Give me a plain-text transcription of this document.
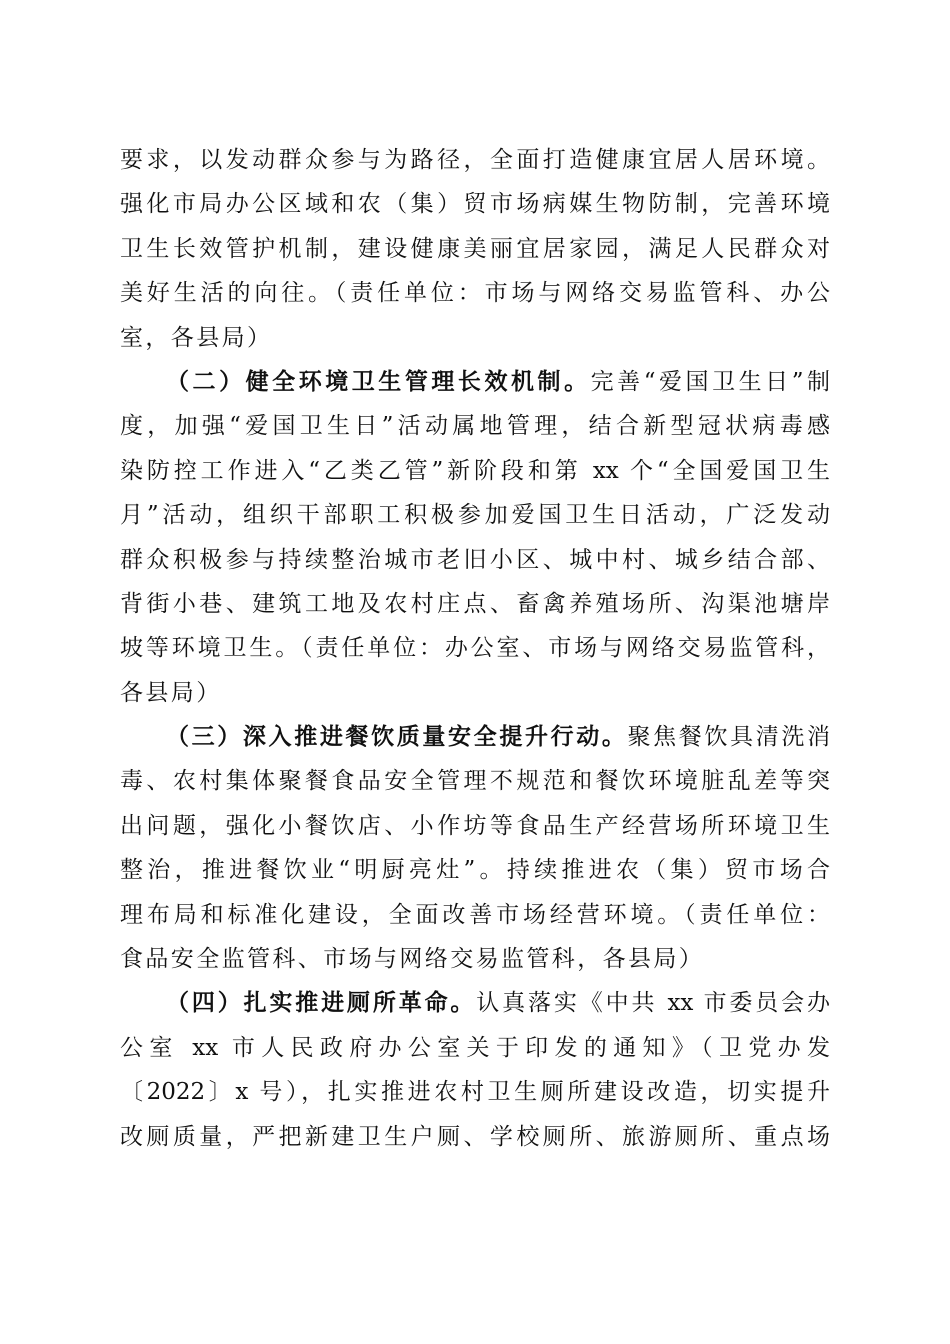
要求，以发动群众参与为路径，全面打造健康宜居人居环境。
强化市局办公区域和农（集）贸市场病媒生物防制，完善环境
卫生长效管护机制，建设健康美丽宜居家园，满足人民群众对
美好生活的向往。（责任单位：市场与网络交易监管科、办公
室，各县局）
（二）健全环境卫生管理长效机制。完善“爱国卫生日”制
度，加强“爱国卫生日”活动属地管理，结合新型冠状病毒感
染防控工作进入“乙类乙管”新阶段和第 xx 个“全国爱国卫生
月”活动，组织干部职工积极参加爱国卫生日活动，广泛发动
群众积极参与持续整治城市老旧小区、城中村、城乡结合部、
背街小巷、建筑工地及农村庄点、畜禽养殖场所、沟渠池塘岸
坡等环境卫生。（责任单位：办公室、市场与网络交易监管科，
各县局）
（三）深入推进餐饮质量安全提升行动。聚焦餐饮具清洗消
毒、农村集体聚餐食品安全管理不规范和餐饮环境脏乱差等突
出问题，强化小餐饮店、小作坊等食品生产经营场所环境卫生
整治，推进餐饮业“明厨亮灶”。持续推进农（集）贸市场合
理布局和标准化建设，全面改善市场经营环境。（责任单位：
食品安全监管科、市场与网络交易监管科，各县局）
（四）扎实推进厕所革命。认真落实《中共 xx 市委员会办
公室 xx 市人民政府办公室关于印发的通知》（卫党办发
〔2022〕x 号），扎实推进农村卫生厕所建设改造，切实提升
改厕质量，严把新建卫生户厕、学校厕所、旅游厕所、重点场
